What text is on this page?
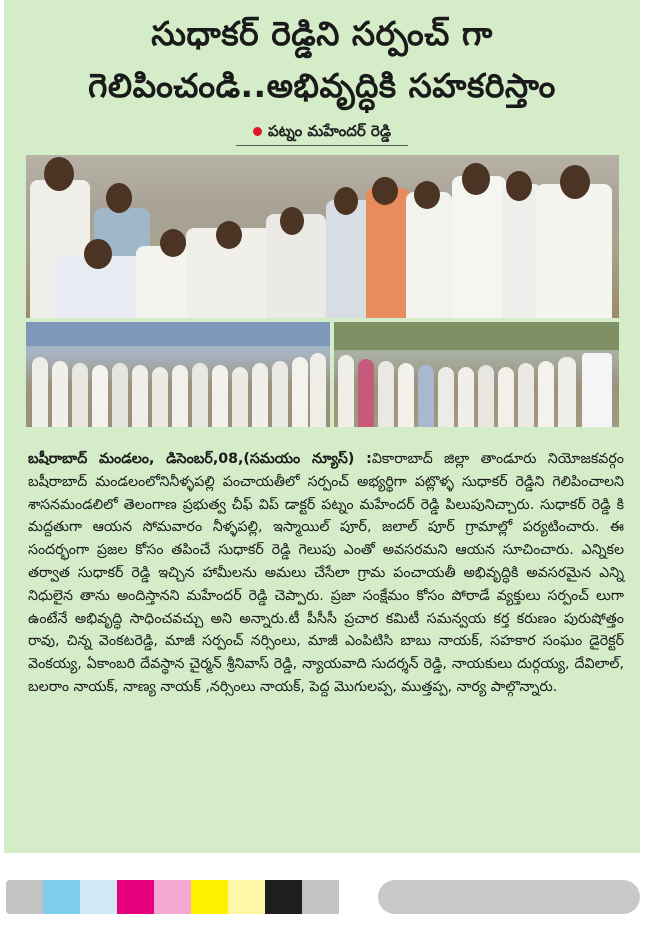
సుధాకర్ రెడ్డిని సర్పంచ్ గా
గెలిపించండి..అభివృద్ధికి సహకరిస్తాం
పట్నం మహేందర్ రెడ్డి
బషీరాబాద్ మండలం, డిసెంబర్,08,(సమయం న్యూస్) :వికారాబాద్ జిల్లా తాండూరు నియోజకవర్గం బషీరాబాద్ మండలంలోనినీళ్ళపల్లి పంచాయతీలో సర్పంచ్ అభ్యర్థిగా పట్లొళ్ళ సుధాకర్ రెడ్డిని గెలిపించాలని శాసనమండలిలో తెలంగాణ ప్రభుత్వ చీఫ్ విప్ డాక్టర్ పట్నం మహేందర్ రెడ్డి పిలుపునిచ్చారు. సుధాకర్ రెడ్డి కి మద్దతుగా ఆయన సోమవారం నీళ్ళపల్లి, ఇస్మాయిల్ పూర్, జలాల్ పూర్ గ్రామాల్లో పర్యటించారు. ఈ సందర్భంగా ప్రజల కోసం తపించే సుధాకర్ రెడ్డి గెలుపు ఎంతో అవసరమని ఆయన సూచించారు. ఎన్నికల తర్వాత సుధాకర్ రెడ్డి ఇచ్చిన హామీలను అమలు చేసేలా గ్రామ పంచాయతీ అభివృద్ధికి అవసరమైన ఎన్ని నిధులైన తాను అందిస్తానని మహేందర్ రెడ్డి చెప్పారు. ప్రజా సంక్షేమం కోసం పోరాడే వ్యక్తులు సర్పంచ్ లుగా ఉంటేనే అభివృద్ధి సాధించవచ్చు అని అన్నారు.టీ పీసీసీ ప్రచార కమిటీ సమన్వయ కర్త కరుణం పురుషోత్తం రావు, చిన్న వెంకటరెడ్డి, మాజీ సర్పంచ్ నర్సింలు, మాజీ ఎంపిటిసి బాబు నాయక్, సహకార సంఘం డైరెక్టర్ వెంకయ్య, ఏకాంబరి దేవస్థాన చైర్మన్ శ్రీనివాస్ రెడ్డి, న్యాయవాది సుదర్శన్ రెడ్డి, నాయకులు దుర్గయ్య, దేవిలాల్, బలరాం నాయక్, నాణ్య నాయక్ ,నర్సింలు నాయక్, పెద్ద మొగులప్ప, ముత్తప్ప, నార్య పాల్గొన్నారు.
